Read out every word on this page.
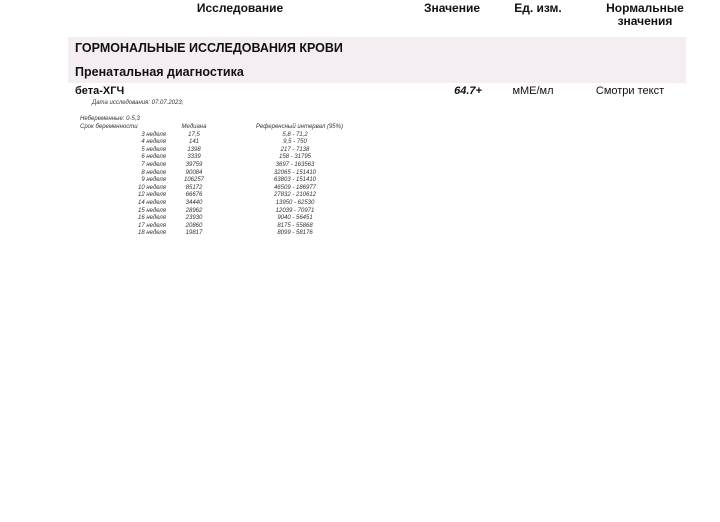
Исследование	Значение	Ед. изм.	Нормальные значения
ГОРМОНАЛЬНЫЕ ИССЛЕДОВАНИЯ КРОВИ
Пренатальная диагностика
бета-ХГЧ	64.7+	мМЕ/мл	Смотри текст
Дата исследования: 07.07.2023;
Небеременные: 0-5,3
Срок беременности	Медиана	Референсный интервал (95%)
3 неделя	17,5	5,8 - 71,2
4 неделя	141	9,5 - 750
5 неделя	1398	217 - 7138
6 неделя	3339	158 - 31795
7 неделя	39759	3697 - 163563
8 неделя	90084	32065 - 151410
9 неделя	106257	63803 - 151410
10 неделя	85172	46509 - 186977
12 неделя	66676	27832 - 210612
14 неделя	34440	13950 - 62530
15 неделя	28962	12039 - 70971
16 неделя	23930	9040 - 56451
17 неделя	20860	8175 - 55868
18 неделя	19817	8099 - 58176
